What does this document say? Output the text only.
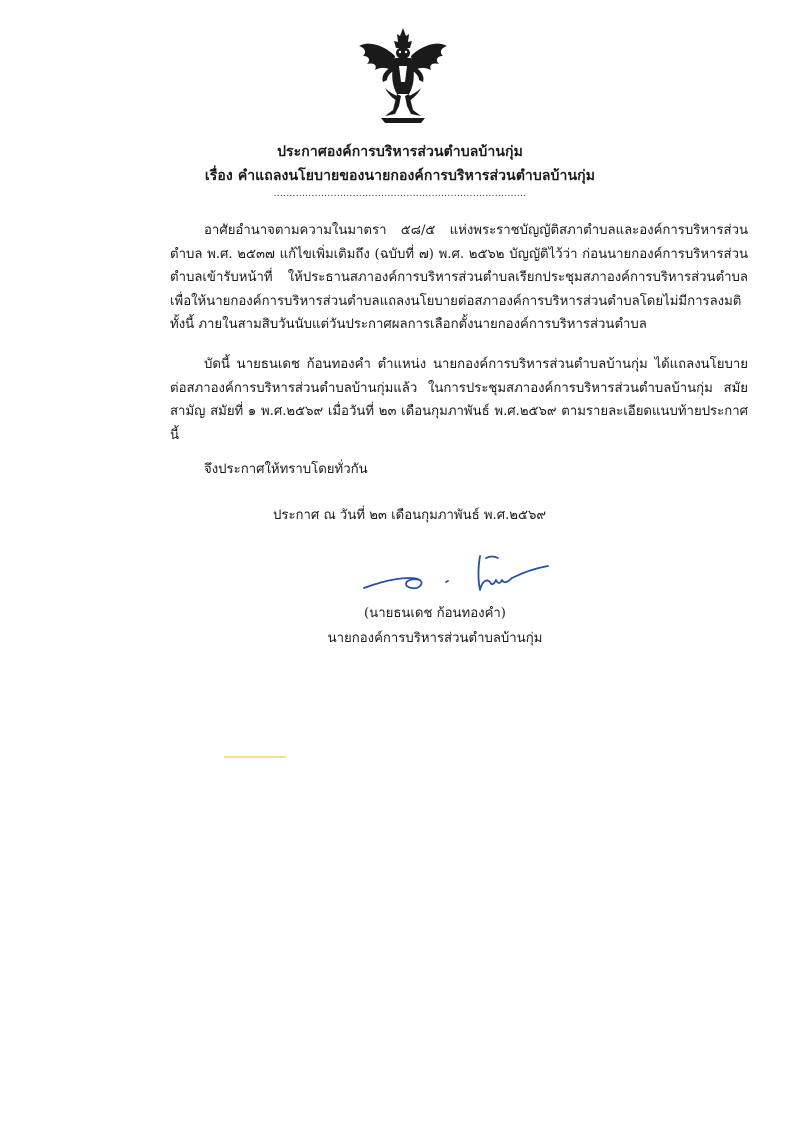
ประกาศองค์การบริหารส่วนตำบลบ้านกุ่ม
เรื่อง คำแถลงนโยบายของนายกองค์การบริหารส่วนตำบลบ้านกุ่ม
................................................................................
อาศัยอำนาจตามความในมาตรา ๕๘/๕ แห่งพระราชบัญญัติสภาตำบลและองค์การบริหารส่วนตำบล พ.ศ. ๒๕๓๗ แก้ไขเพิ่มเติมถึง (ฉบับที่ ๗) พ.ศ. ๒๕๖๒ บัญญัติไว้ว่า ก่อนนายกองค์การบริหารส่วนตำบลเข้ารับหน้าที่ ให้ประธานสภาองค์การบริหารส่วนตำบลเรียกประชุมสภาองค์การบริหารส่วนตำบลเพื่อให้นายกองค์การบริหารส่วนตำบลแถลงนโยบายต่อสภาองค์การบริหารส่วนตำบลโดยไม่มีการลงมติ ทั้งนี้ ภายในสามสิบวันนับแต่วันประกาศผลการเลือกตั้งนายกองค์การบริหารส่วนตำบล
บัดนี้ นายธนเดช ก้อนทองคำ ตำแหน่ง นายกองค์การบริหารส่วนตำบลบ้านกุ่ม ได้แถลงนโยบายต่อสภาองค์การบริหารส่วนตำบลบ้านกุ่มแล้ว ในการประชุมสภาองค์การบริหารส่วนตำบลบ้านกุ่ม สมัยสามัญ สมัยที่ ๑ พ.ศ.๒๕๖๙ เมื่อวันที่ ๒๓ เดือนกุมภาพันธ์ พ.ศ.๒๕๖๙ ตามรายละเอียดแนบท้ายประกาศนี้
จึงประกาศให้ทราบโดยทั่วกัน
ประกาศ ณ วันที่ ๒๓ เดือนกุมภาพันธ์ พ.ศ.๒๕๖๙
(นายธนเดช ก้อนทองคำ)
นายกองค์การบริหารส่วนตำบลบ้านกุ่ม
